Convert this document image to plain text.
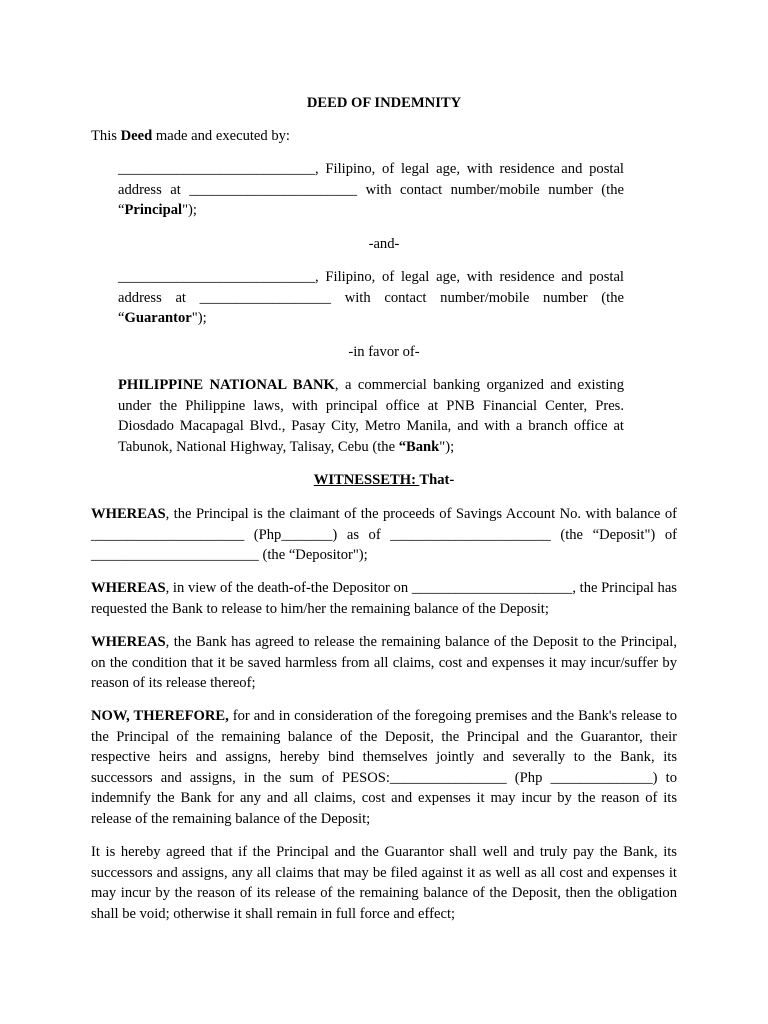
DEED OF INDEMNITY

This Deed made and executed by:

___________________________, Filipino, of legal age, with residence and postal
address at _______________________ with contact number/mobile number (the
“Principal");

-and-

___________________________, Filipino, of legal age, with residence and postal
address at __________________ with contact number/mobile number (the
“Guarantor");

-in favor of-

PHILIPPINE NATIONAL BANK, a commercial banking organized and existing under the Philippine laws, with principal office at PNB Financial Center, Pres. Diosdado Macapagal Blvd., Pasay City, Metro Manila, and with a branch office at Tabunok, National Highway, Talisay, Cebu (the “Bank");

WITNESSETH: That-

WHEREAS, the Principal is the claimant of the proceeds of Savings Account No. with balance of _____________________ (Php_______) as of ______________________ (the “Deposit") of _______________________ (the “Depositor");

WHEREAS, in view of the death-of-the Depositor on ______________________, the Principal has requested the Bank to release to him/her the remaining balance of the Deposit;

WHEREAS, the Bank has agreed to release the remaining balance of the Deposit to the Principal, on the condition that it be saved harmless from all claims, cost and expenses it may incur/suffer by reason of its release thereof;

NOW, THEREFORE, for and in consideration of the foregoing premises and the Bank's release to the Principal of the remaining balance of the Deposit, the Principal and the Guarantor, their respective heirs and assigns, hereby bind themselves jointly and severally to the Bank, its successors and assigns, in the sum of PESOS:________________ (Php ______________) to indemnify the Bank for any and all claims, cost and expenses it may incur by the reason of its release of the remaining balance of the Deposit;

It is hereby agreed that if the Principal and the Guarantor shall well and truly pay the Bank, its successors and assigns, any all claims that may be filed against it as well as all cost and expenses it may incur by the reason of its release of the remaining balance of the Deposit, then the obligation shall be void; otherwise it shall remain in full force and effect;
